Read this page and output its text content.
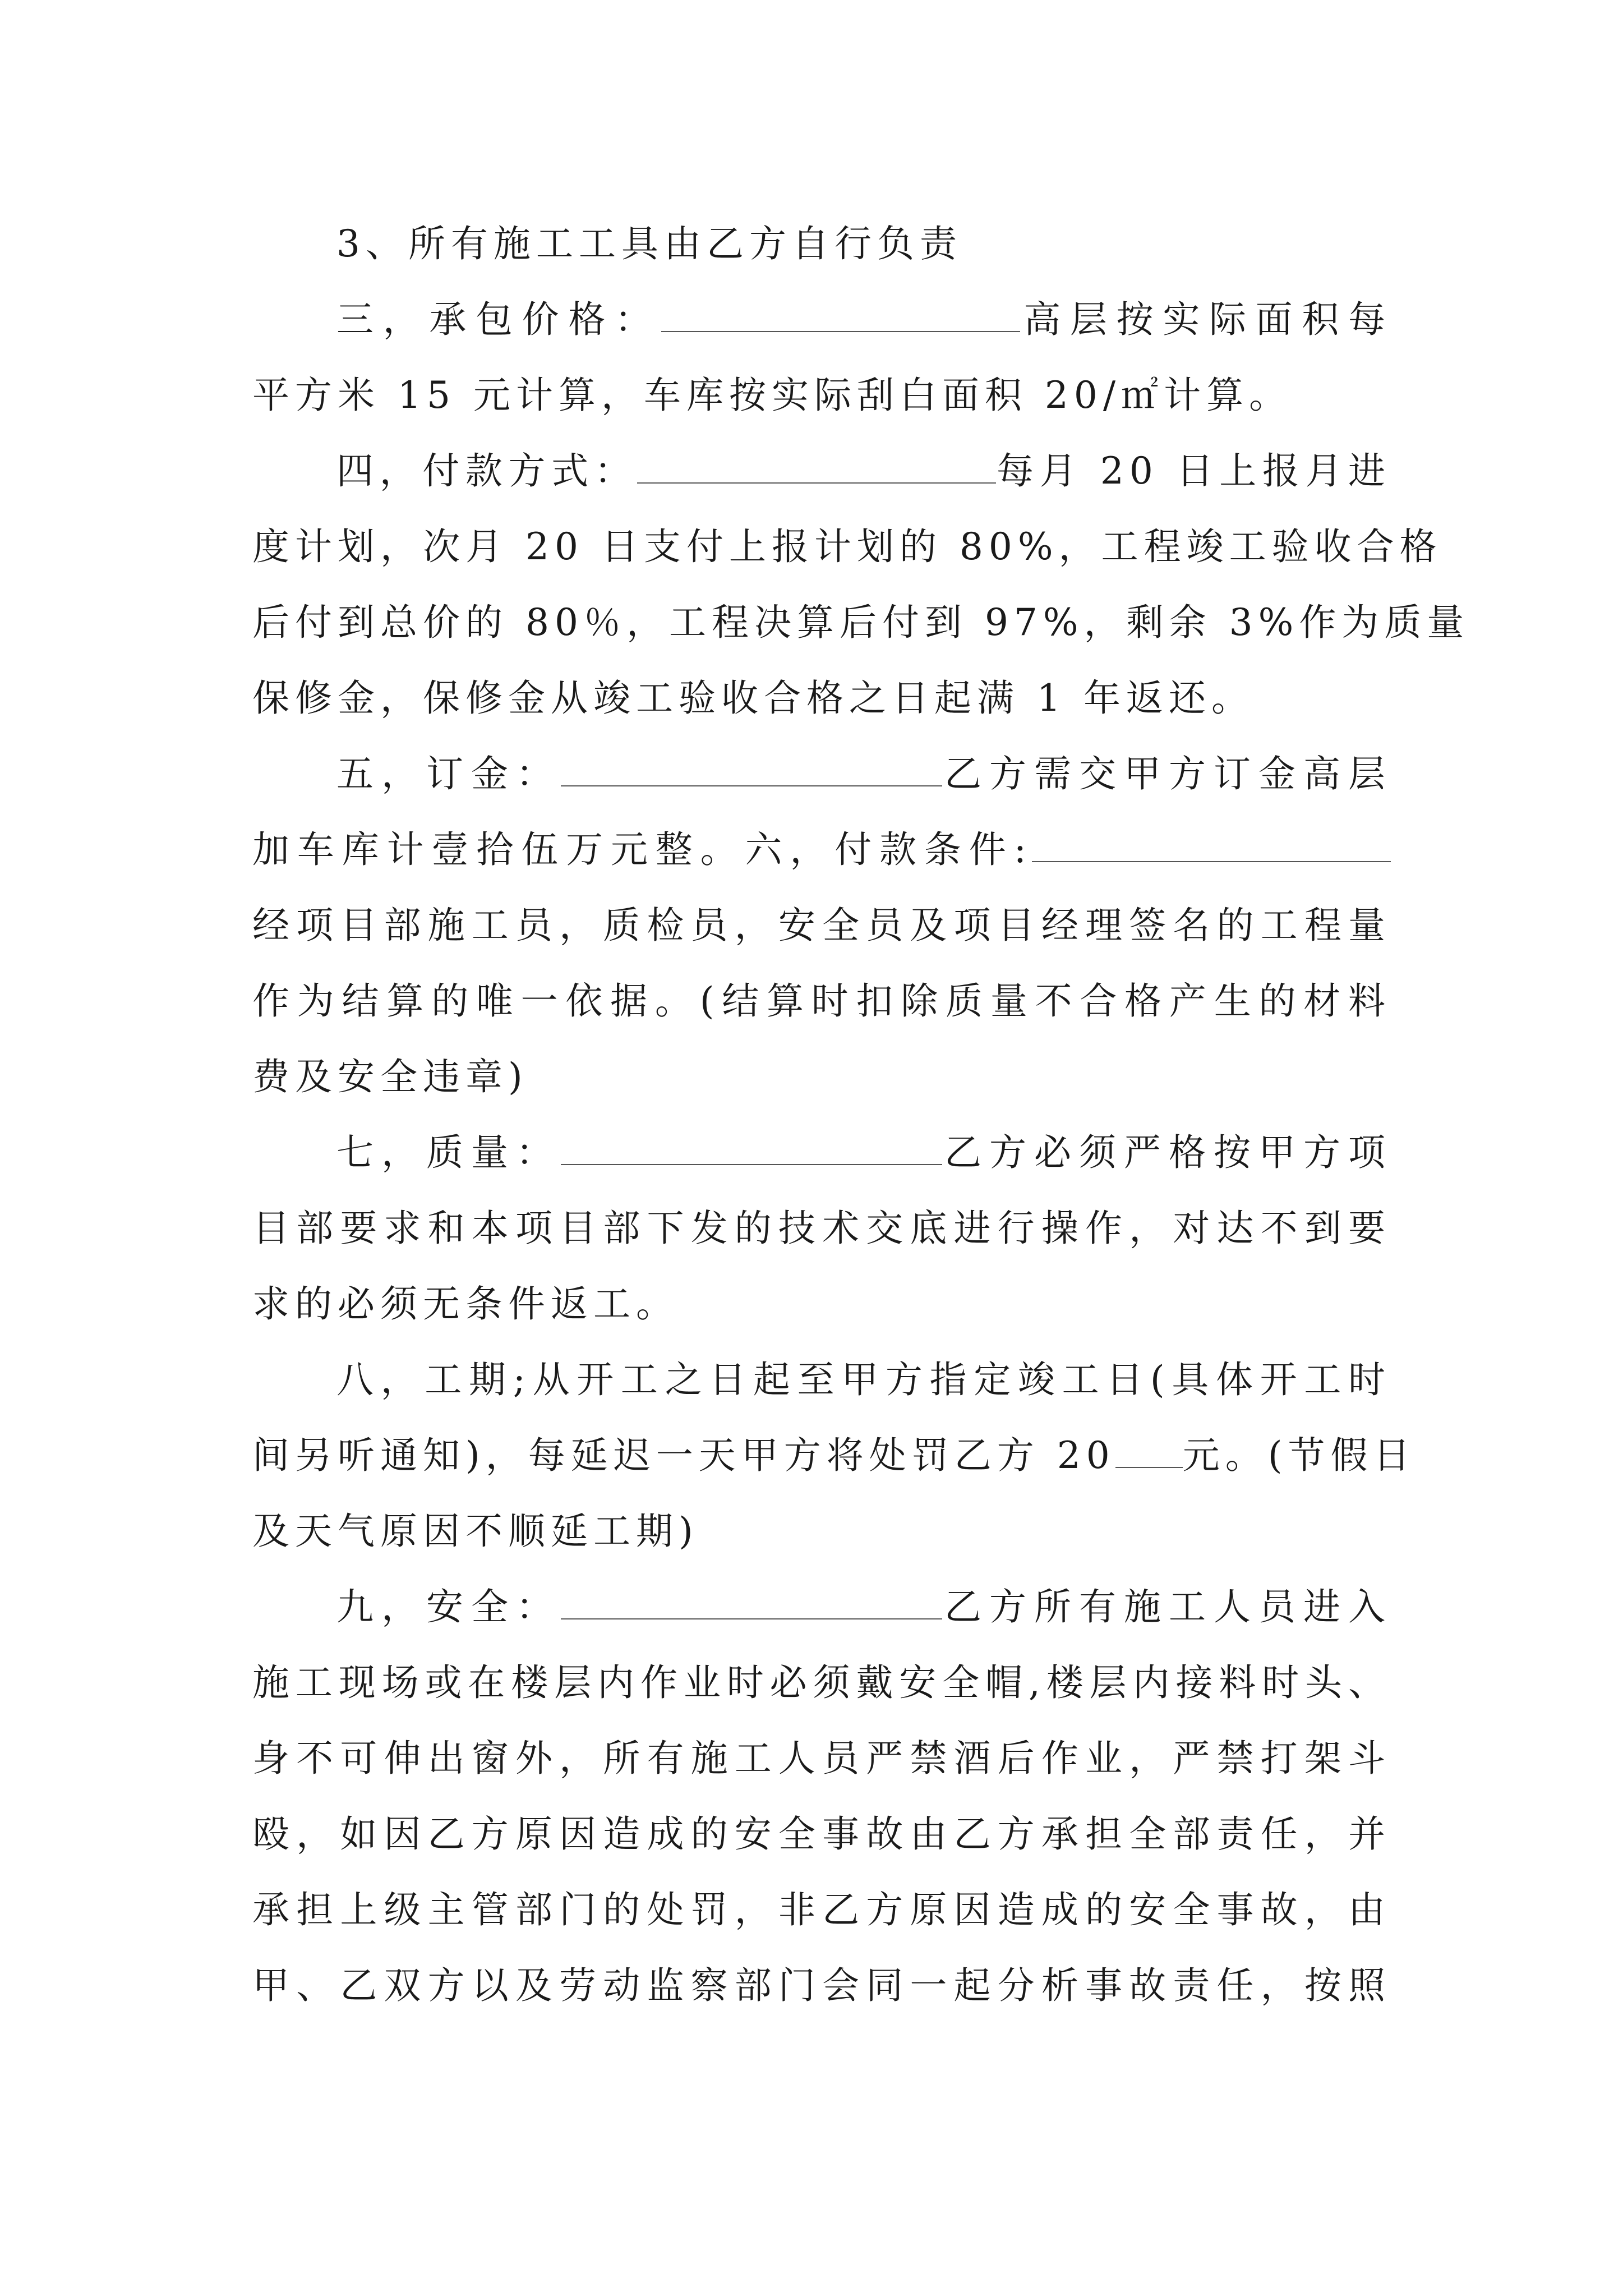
3、所有施工工具由乙方自行负责
三，承包价格：	高层按实际面积每
平方米 15 元计算，车库按实际刮白面积 20/㎡计算。
四，付款方式：	每月 20 日上报月进
度计划，次月 20 日支付上报计划的 80%，工程竣工验收合格
后付到总价的 80％，工程决算后付到 97%，剩余 3%作为质量
保修金，保修金从竣工验收合格之日起满 1 年返还。
五，订金：	乙方需交甲方订金高层
加车库计壹拾伍万元整。六，付款条件:
经项目部施工员，质检员，安全员及项目经理签名的工程量
作为结算的唯一依据。(结算时扣除质量不合格产生的材料
费及安全违章)
七，质量：	乙方必须严格按甲方项
目部要求和本项目部下发的技术交底进行操作，对达不到要
求的必须无条件返工。
八，工期;从开工之日起至甲方指定竣工日(具体开工时
间另听通知)，每延迟一天甲方将处罚乙方 20 元。(节假日
及天气原因不顺延工期)
九，安全：	乙方所有施工人员进入
施工现场或在楼层内作业时必须戴安全帽,楼层内接料时头、
身不可伸出窗外，所有施工人员严禁酒后作业，严禁打架斗
殴，如因乙方原因造成的安全事故由乙方承担全部责任，并
承担上级主管部门的处罚，非乙方原因造成的安全事故，由
甲、乙双方以及劳动监察部门会同一起分析事故责任，按照
